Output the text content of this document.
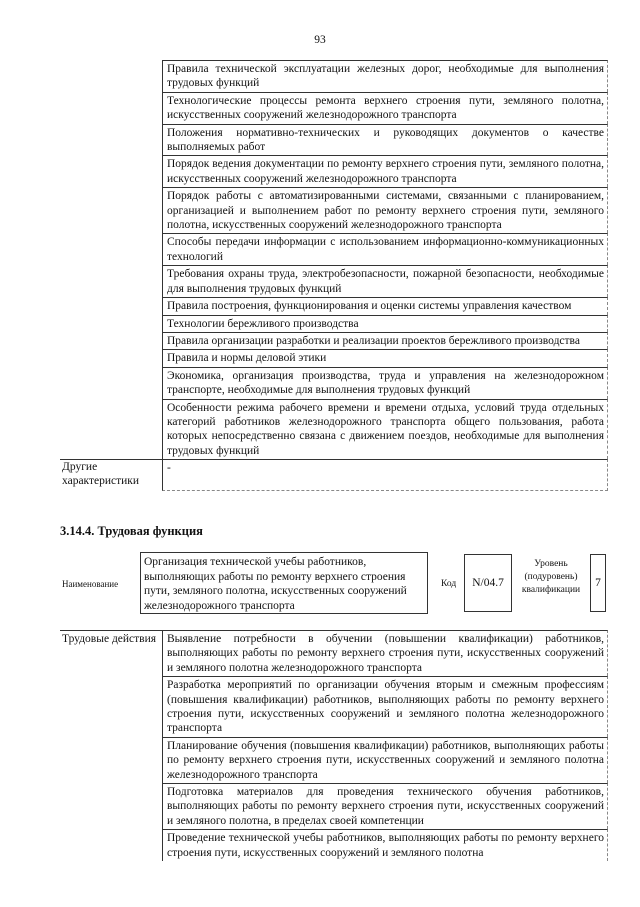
93
Правила технической эксплуатации железных дорог, необходимые для выполнения трудовых функций
Технологические процессы ремонта верхнего строения пути, земляного полотна, искусственных сооружений железнодорожного транспорта
Положения нормативно-технических и руководящих документов о качестве выполняемых работ
Порядок ведения документации по ремонту верхнего строения пути, земляного полотна, искусственных сооружений железнодорожного транспорта
Порядок работы с автоматизированными системами, связанными с планированием, организацией и выполнением работ по ремонту верхнего строения пути, земляного полотна, искусственных сооружений железнодорожного транспорта
Способы передачи информации с использованием информационно-коммуникационных технологий
Требования охраны труда, электробезопасности, пожарной безопасности, необходимые для выполнения трудовых функций
Правила построения, функционирования и оценки системы управления качеством
Технологии бережливого производства
Правила организации разработки и реализации проектов бережливого производства
Правила и нормы деловой этики
Экономика, организация производства, труда и управления на железнодорожном транспорте, необходимые для выполнения трудовых функций
Особенности режима рабочего времени и времени отдыха, условий труда отдельных категорий работников железнодорожного транспорта общего пользования, работа которых непосредственно связана с движением поездов, необходимые для выполнения трудовых функций
Другие характеристики
-
3.14.4. Трудовая функция
Наименование
Организация технической учебы работников, выполняющих работы по ремонту верхнего строения пути, земляного полотна, искусственных сооружений железнодорожного транспорта
Код	N/04.7
Уровень (подуровень) квалификации
7
Трудовые действия Выявление потребности в обучении (повышении квалификации) работников, выполняющих работы по ремонту верхнего строения пути, искусственных сооружений и земляного полотна железнодорожного транспорта
Разработка мероприятий по организации обучения вторым и смежным профессиям (повышения квалификации) работников, выполняющих работы по ремонту верхнего строения пути, искусственных сооружений и земляного полотна железнодорожного транспорта
Планирование обучения (повышения квалификации) работников, выполняющих работы по ремонту верхнего строения пути, искусственных сооружений и земляного полотна железнодорожного транспорта
Подготовка материалов для проведения технического обучения работников, выполняющих работы по ремонту верхнего строения пути, искусственных сооружений и земляного полотна, в пределах своей компетенции
Проведение технической учебы работников, выполняющих работы по ремонту верхнего строения пути, искусственных сооружений и земляного полотна
